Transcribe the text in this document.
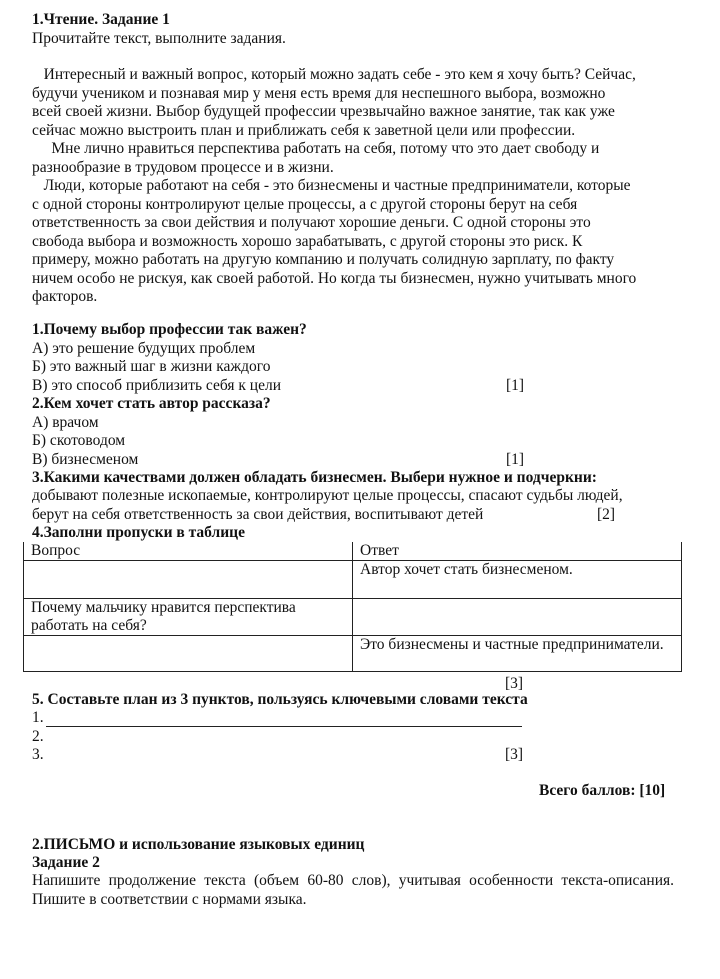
1.Чтение. Задание 1
Прочитайте текст, выполните задания.
Интересный и важный вопрос, который можно задать себе - это кем я хочу быть? Сейчас,
будучи учеником и познавая мир у меня есть время для неспешного выбора, возможно
всей своей жизни. Выбор будущей профессии чрезвычайно важное занятие, так как уже
сейчас можно выстроить план и приближать себя к заветной цели или профессии.
Мне лично нравиться перспектива работать на себя, потому что это дает свободу и
разнообразие в трудовом процессе и в жизни.
Люди, которые работают на себя - это бизнесмены и частные предприниматели, которые
с одной стороны контролируют целые процессы, а с другой стороны берут на себя
ответственность за свои действия и получают хорошие деньги. С одной стороны это
свобода выбора и возможность хорошо зарабатывать, с другой стороны это риск. К
примеру, можно работать на другую компанию и получать солидную зарплату, по факту
ничем особо не рискуя, как своей работой. Но когда ты бизнесмен, нужно учитывать много
факторов.
1.Почему выбор профессии так важен?
А) это решение будущих проблем
Б) это важный шаг в жизни каждого
В) это способ приблизить себя к цели	[1]
2.Кем хочет стать автор рассказа?
А) врачом
Б) скотоводом
В) бизнесменом	[1]
3.Какими качествами должен обладать бизнесмен. Выбери нужное и подчеркни:
добывают полезные ископаемые, контролируют целые процессы, спасают судьбы людей,
берут на себя ответственность за свои действия, воспитывают детей	[2]
4.Заполни пропуски в таблице
Вопрос	Ответ
	Автор хочет стать бизнесменом.
Почему мальчику нравится перспектива работать на себя?	
	Это бизнесмены и частные предприниматели.
[3]
5. Составьте план из 3 пунктов, пользуясь ключевыми словами текста
1.
2.
3.	[3]
Всего баллов: [10]
2.ПИСЬМО и использование языковых единиц
Задание 2
Напишите продолжение текста (объем 60-80 слов), учитывая особенности текста-описания. Пишите в соответствии с нормами языка.
